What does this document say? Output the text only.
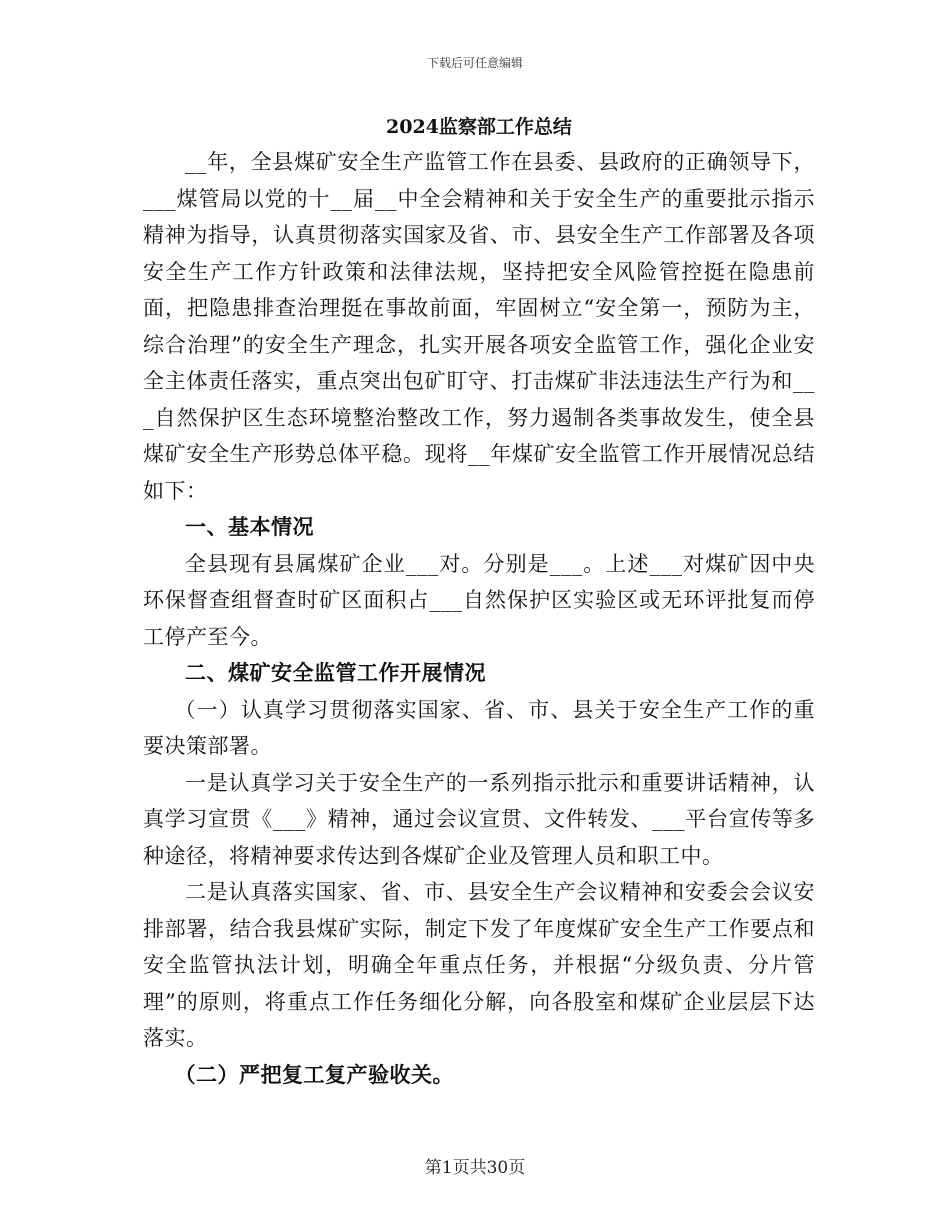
下载后可任意编辑
2024监察部工作总结

__年，全县煤矿安全生产监管工作在县委、县政府的正确领导下，___煤管局以党的十__届__中全会精神和关于安全生产的重要批示指示精神为指导，认真贯彻落实国家及省、市、县安全生产工作部署及各项安全生产工作方针政策和法律法规，坚持把安全风险管控挺在隐患前面，把隐患排查治理挺在事故前面，牢固树立“安全第一，预防为主，综合治理”的安全生产理念，扎实开展各项安全监管工作，强化企业安全主体责任落实，重点突出包矿盯守、打击煤矿非法违法生产行为和___自然保护区生态环境整治整改工作，努力遏制各类事故发生，使全县煤矿安全生产形势总体平稳。现将__年煤矿安全监管工作开展情况总结如下：

一、基本情况

全县现有县属煤矿企业___对。分别是___。上述___对煤矿因中央环保督查组督查时矿区面积占___自然保护区实验区或无环评批复而停工停产至今。

二、煤矿安全监管工作开展情况

（一）认真学习贯彻落实国家、省、市、县关于安全生产工作的重要决策部署。

一是认真学习关于安全生产的一系列指示批示和重要讲话精神，认真学习宣贯《___》精神，通过会议宣贯、文件转发、___平台宣传等多种途径，将精神要求传达到各煤矿企业及管理人员和职工中。

二是认真落实国家、省、市、县安全生产会议精神和安委会会议安排部署，结合我县煤矿实际，制定下发了年度煤矿安全生产工作要点和安全监管执法计划，明确全年重点任务，并根据“分级负责、分片管理”的原则，将重点工作任务细化分解，向各股室和煤矿企业层层下达落实。

（二）严把复工复产验收关。

第1页共30页
